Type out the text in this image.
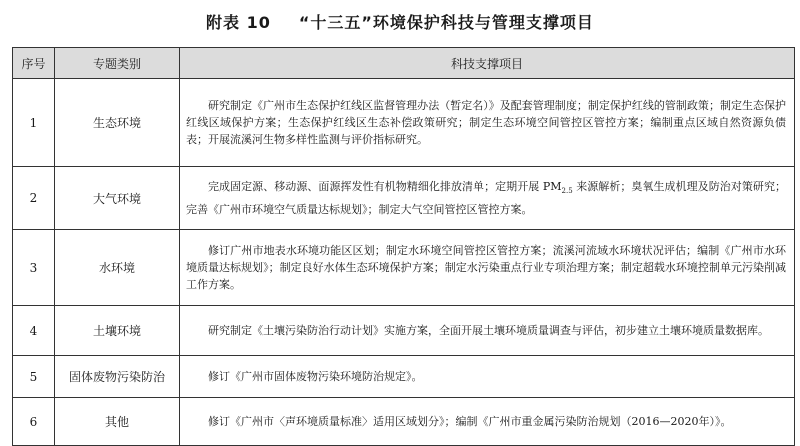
附表 10 “十三五”环境保护科技与管理支撑项目
序号	专题类别	科技支撑项目
1	生态环境	研究制定《广州市生态保护红线区监督管理办法（暂定名）》及配套管理制度；制定保护红线的管制政策；制定生态保护红线区域保护方案；生态保护红线区生态补偿政策研究；制定生态环境空间管控区管控方案；编制重点区域自然资源负债表；开展流溪河生物多样性监测与评价指标研究。

2	大气环境	完成固定源、移动源、面源挥发性有机物精细化排放清单；定期开展 $PM_{2.5}$ 来源解析；臭氧生成机理及防治对策研究；完善《广州市环境空气质量达标规划》；制定大气空间管控区管控方案。

3	水环境	修订广州市地表水环境功能区区划；制定水环境空间管控区管控方案；流溪河流域水环境状况评估；编制《广州市水环境质量达标规划》；制定良好水体生态环境保护方案；制定水污染重点行业专项治理方案；制定超载水环境控制单元污染削减工作方案。

4	土壤环境	研究制定《土壤污染防治行动计划》实施方案，全面开展土壤环境质量调查与评估，初步建立土壤环境质量数据库。

5	固体废物污染防治	修订《广州市固体废物污染环境防治规定》。

6	其他	修订《广州市〈声环境质量标准〉适用区域划分》；编制《广州市重金属污染防治规划（2016—2020年）》。
